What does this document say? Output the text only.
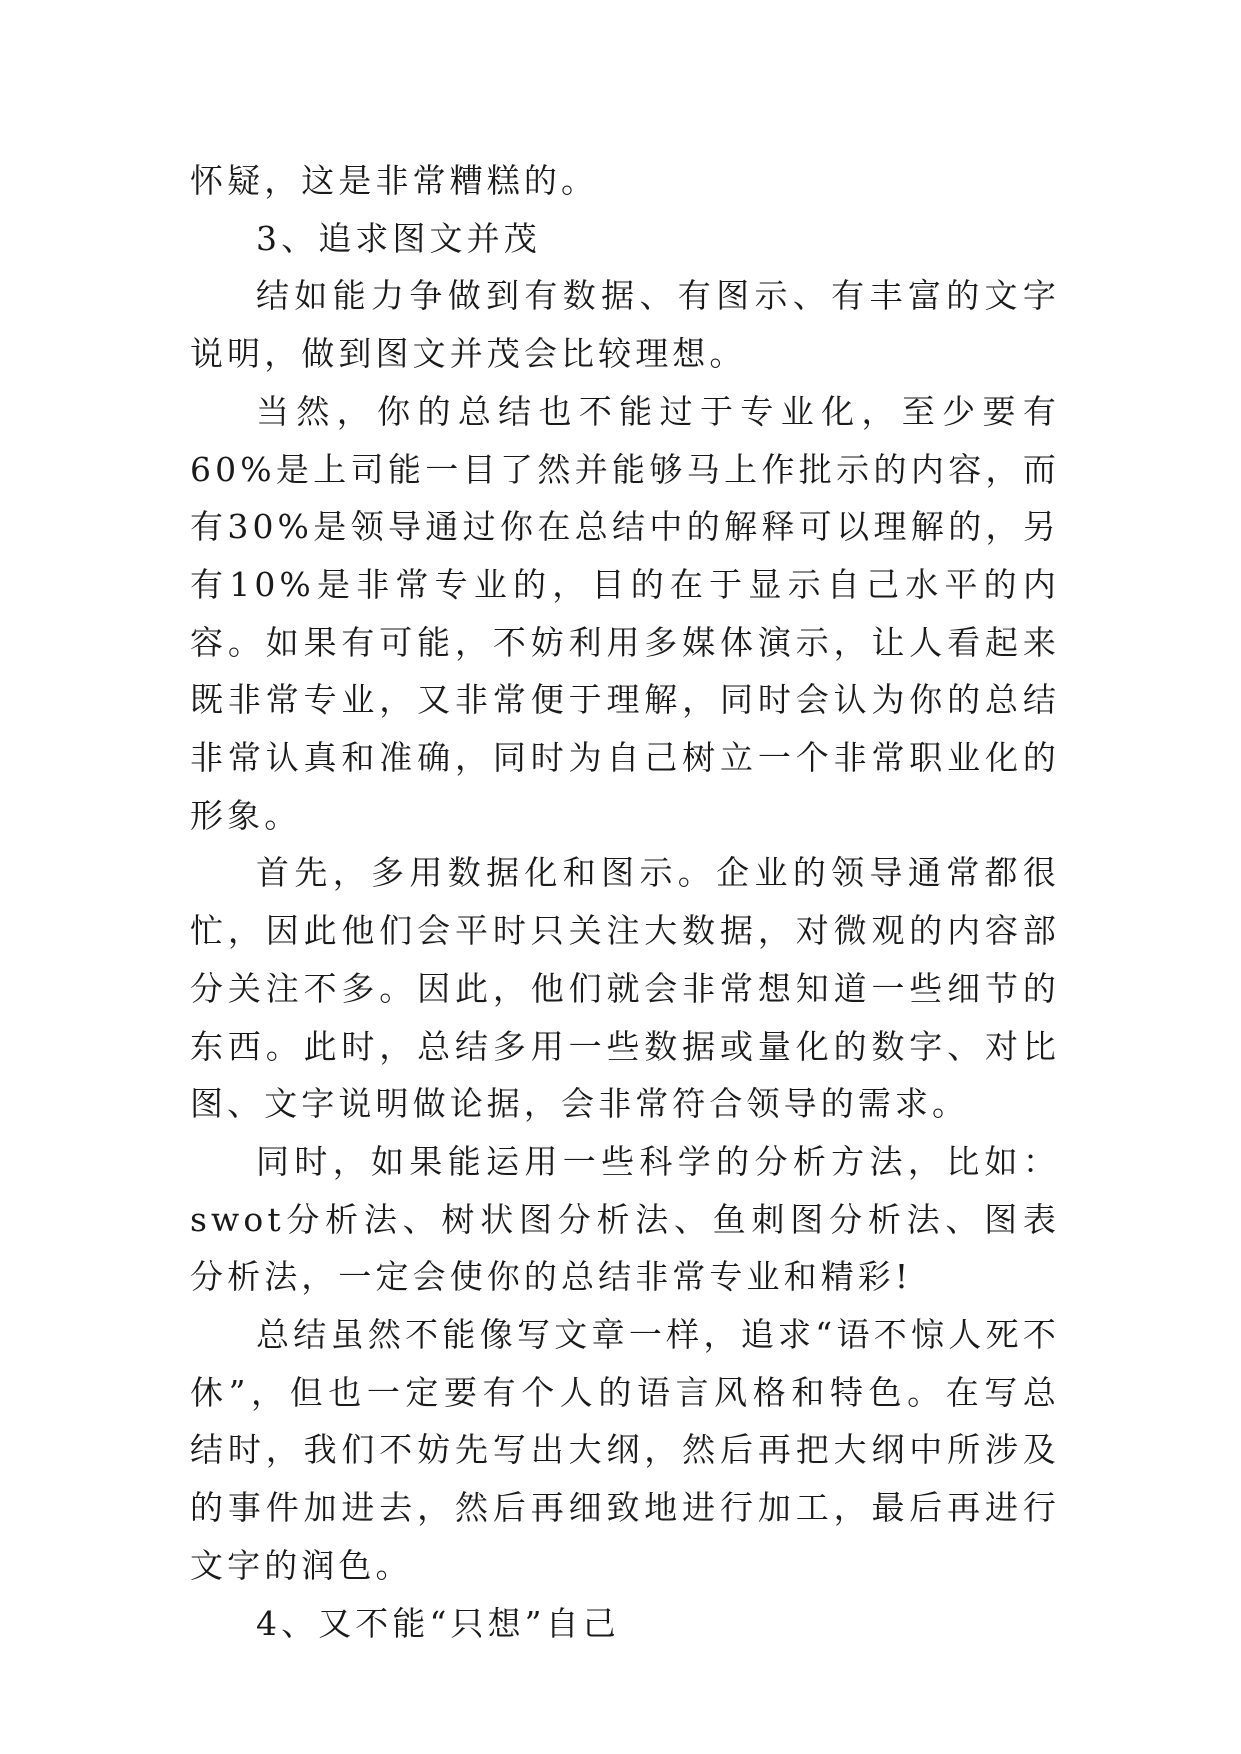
怀疑，这是非常糟糕的。

3、追求图文并茂

结如能力争做到有数据、有图示、有丰富的文字说明，做到图文并茂会比较理想。

当然，你的总结也不能过于专业化，至少要有60%是上司能一目了然并能够马上作批示的内容，而有30%是领导通过你在总结中的解释可以理解的，另有10%是非常专业的，目的在于显示自己水平的内容。如果有可能，不妨利用多媒体演示，让人看起来既非常专业，又非常便于理解，同时会认为你的总结非常认真和准确，同时为自己树立一个非常职业化的形象。

首先，多用数据化和图示。企业的领导通常都很忙，因此他们会平时只关注大数据，对微观的内容部分关注不多。因此，他们就会非常想知道一些细节的东西。此时，总结多用一些数据或量化的数字、对比图、文字说明做论据，会非常符合领导的需求。

同时，如果能运用一些科学的分析方法，比如：swot分析法、树状图分析法、鱼刺图分析法、图表分析法，一定会使你的总结非常专业和精彩!

总结虽然不能像写文章一样，追求“语不惊人死不休”，但也一定要有个人的语言风格和特色。在写总结时，我们不妨先写出大纲，然后再把大纲中所涉及的事件加进去，然后再细致地进行加工，最后再进行文字的润色。

4、又不能“只想”自己
